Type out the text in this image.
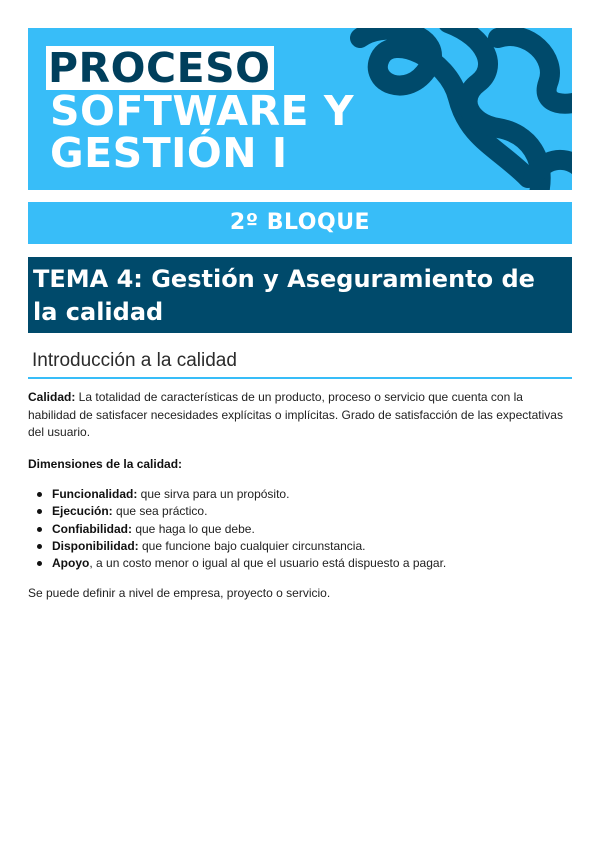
PROCESO
SOFTWARE Y
GESTIÓN I
2º BLOQUE
TEMA 4: Gestión y Aseguramiento de la calidad
Introducción a la calidad

Calidad: La totalidad de características de un producto, proceso o servicio que cuenta con la habilidad de satisfacer necesidades explícitas o implícitas. Grado de satisfacción de las expectativas del usuario.

Dimensiones de la calidad:

Funcionalidad: que sirva para un propósito.
Ejecución: que sea práctico.
Confiabilidad: que haga lo que debe.
Disponibilidad: que funcione bajo cualquier circunstancia.
Apoyo, a un costo menor o igual al que el usuario está dispuesto a pagar.

Se puede definir a nivel de empresa, proyecto o servicio.
